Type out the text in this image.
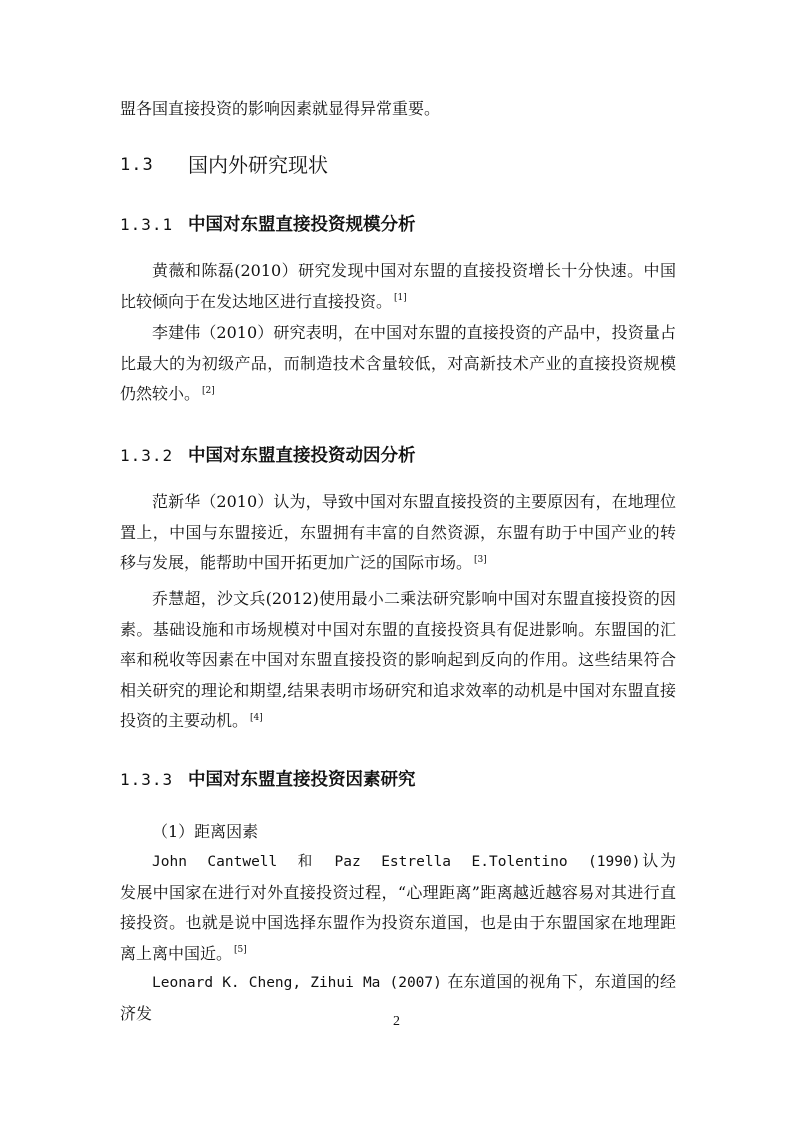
盟各国直接投资的影响因素就显得异常重要。

1.3	国内外研究现状
1.3.1 中国对东盟直接投资规模分析

黄薇和陈磊(2010）研究发现中国对东盟的直接投资增长十分快速。中国比较倾向于在发达地区进行直接投资。 [1]

李建伟（2010）研究表明，在中国对东盟的直接投资的产品中，投资量占比最大的为初级产品，而制造技术含量较低，对高新技术产业的直接投资规模仍然较小。 [2]

1.3.2 中国对东盟直接投资动因分析

范新华（2010）认为，导致中国对东盟直接投资的主要原因有，在地理位置上，中国与东盟接近，东盟拥有丰富的自然资源，东盟有助于中国产业的转移与发展，能帮助中国开拓更加广泛的国际市场。 [3]

乔慧超，沙文兵(2012)使用最小二乘法研究影响中国对东盟直接投资的因素。基础设施和市场规模对中国对东盟的直接投资具有促进影响。东盟国的汇率和税收等因素在中国对东盟直接投资的影响起到反向的作用。这些结果符合相关研究的理论和期望,结果表明市场研究和追求效率的动机是中国对东盟直接投资的主要动机。 [4]

1.3.3 中国对东盟直接投资因素研究

（1）距离因素

John Cantwell 和 Paz Estrella E.Tolentino (1990)认为发展中国家在进行对外直接投资过程，“心理距离”距离越近越容易对其进行直接投资。也就是说中国选择东盟作为投资东道国，也是由于东盟国家在地理距离上离中国近。 [5]

Leonard K. Cheng, Zihui Ma (2007) 在东道国的视角下，东道国的经济发	2
